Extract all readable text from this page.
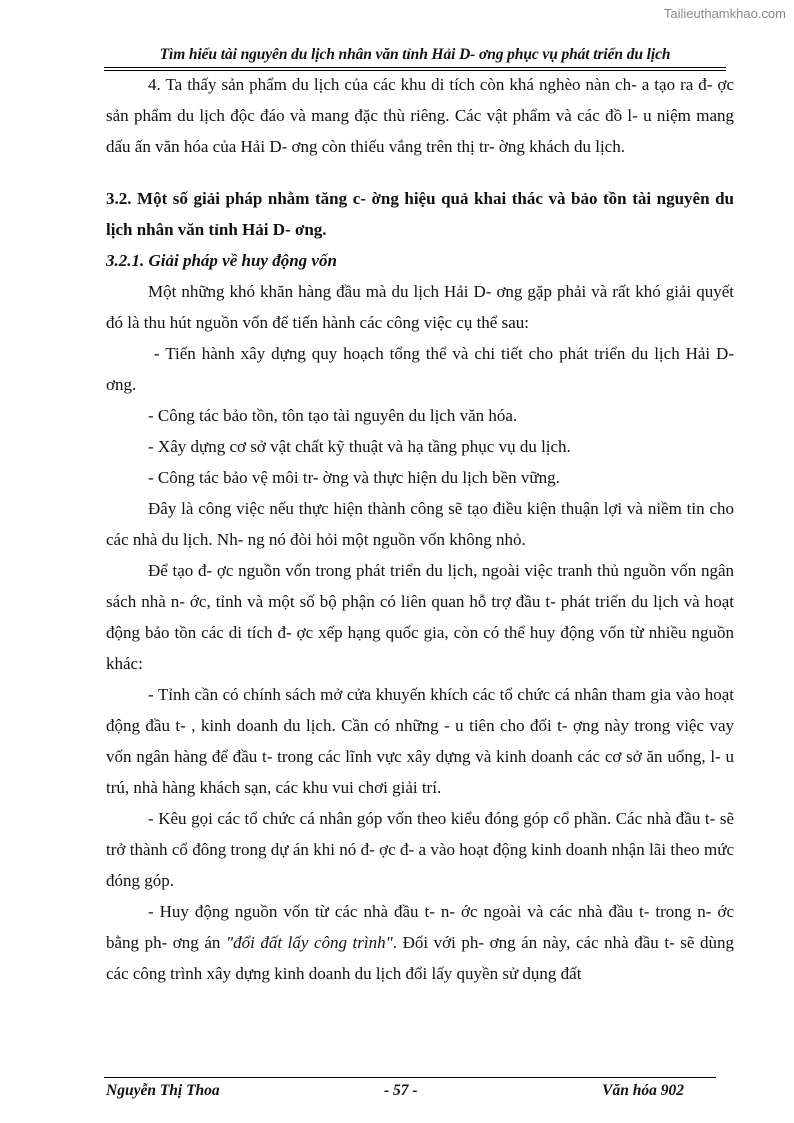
Tailieuthamkhao.com
Tìm hiểu tài nguyên du lịch nhân văn tỉnh Hải D- ơng phục vụ phát triển du lịch

4. Ta thấy sản phẩm du lịch của các khu di tích còn khá nghèo nàn ch- a tạo ra đ- ợc sản phẩm du lịch độc đáo và mang đặc thù riêng. Các vật phẩm và các đồ l- u niệm mang dấu ấn văn hóa của Hải D- ơng còn thiếu vắng trên thị tr- ờng khách du lịch.

3.2. Một số giải pháp nhằm tăng c- ờng hiệu quả khai thác và bảo tồn tài nguyên du lịch nhân văn tỉnh Hải D- ơng.

3.2.1. Giải pháp về huy động vốn

Một những khó khăn hàng đầu mà du lịch Hải D- ơng gặp phải và rất khó giải quyết đó là thu hút nguồn vốn để tiến hành các công việc cụ thể sau:

- Tiến hành xây dựng quy hoạch tổng thể và chi tiết cho phát triển du lịch Hải D- ơng.

- Công tác bảo tồn, tôn tạo tài nguyên du lịch văn hóa.

- Xây dựng cơ sở vật chất kỹ thuật và hạ tầng phục vụ du lịch.

- Công tác bảo vệ môi tr- ờng và thực hiện du lịch bền vững.

Đây là công việc nếu thực hiện thành công sẽ tạo điều kiện thuận lợi và niềm tin cho các nhà du lịch. Nh- ng nó đòi hỏi một nguồn vốn không nhỏ.

Để tạo đ- ợc nguồn vốn trong phát triển du lịch, ngoài việc tranh thủ nguồn vốn ngân sách nhà n- ớc, tỉnh và một số bộ phận có liên quan hỗ trợ đầu t- phát triển du lịch và hoạt động bảo tồn các di tích đ- ợc xếp hạng quốc gia, còn có thể huy động vốn từ nhiều nguồn khác:

- Tỉnh cần có chính sách mở cửa khuyến khích các tổ chức cá nhân tham gia vào hoạt động đầu t- , kinh doanh du lịch. Cần có những - u tiên cho đối t- ợng này trong việc vay vốn ngân hàng để đầu t- trong các lĩnh vực xây dựng và kinh doanh các cơ sở ăn uống, l- u trú, nhà hàng khách sạn, các khu vui chơi giải trí.

- Kêu gọi các tổ chức cá nhân góp vốn theo kiểu đóng góp cổ phần. Các nhà đầu t- sẽ trở thành cổ đông trong dự án khi nó đ- ợc đ- a vào hoạt động kinh doanh nhận lãi theo mức đóng góp.

- Huy động nguồn vốn từ các nhà đầu t- n- ớc ngoài và các nhà đầu t- trong n- ớc bằng ph- ơng án "đổi đất lấy công trình". Đối với ph- ơng án này, các nhà đầu t- sẽ dùng các công trình xây dựng kinh doanh du lịch đổi lấy quyền sử dụng đất

Nguyễn Thị Thoa	- 57 -	Văn hóa 902
